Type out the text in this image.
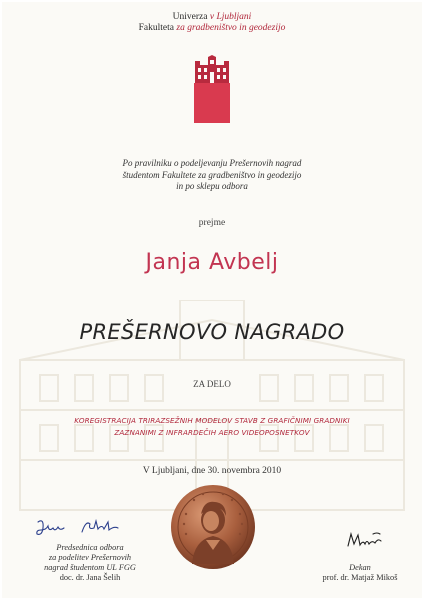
Univerza v Ljubljani
Fakulteta za gradbeništvo in geodezijo
Po pravilniku o podeljevanju Prešernovih nagrad
študentom Fakultete za gradbeništvo in geodezijo
in po sklepu odbora
prejme
Janja Avbelj
PREŠERNOVO NAGRADO
ZA DELO
KOREGISTRACIJA TRIRAZSEŽNIH MODELOV STAVB Z GRAFIČNIMI GRADNIKI
ZAZNANIMI Z INFRARDEČIH AERO VIDEOPOSNETKOV
V Ljubljani, dne 30. novembra 2010
Predsednica odbora
za podelitev Prešernovih
nagrad študentom UL FGG
doc. dr. Jana Šelih
Dekan
prof. dr. Matjaž Mikoš
